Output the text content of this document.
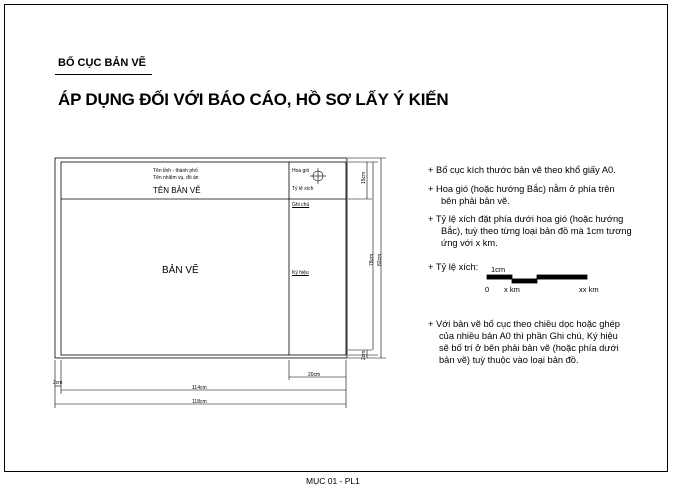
BỐ CỤC BẢN VẼ
ÁP DỤNG ĐỐI VỚI BÁO CÁO, HỒ SƠ LẤY Ý KIẾN
Tên tỉnh - thành phố
Tên nhiệm vụ, đồ án
TÊN BẢN VẼ
BẢN VẼ
Hoa gió
Tỷ lệ xích
Ghi chú
Ký hiệu
15cm
78cm 82cm
2cm
2cm
20cm
114cm
118cm
+ Bố cục kích thước bản vẽ theo khổ giấy A0.
+ Hoa gió (hoặc hướng Bắc) nằm ở phía trên
bên phải bản vẽ.
+ Tỷ lệ xích đặt phía dưới hoa gió (hoặc hướng
Bắc), tuỳ theo từng loại bản đồ mà 1cm tương
ứng với x km.
+ Tỷ lệ xích:
+ Với bản vẽ bố cục theo chiều dọc hoặc ghép
của nhiều bản A0 thì phần Ghi chú, Ký hiệu
sẽ bố trí ở bên phải bản vẽ (hoặc phía dưới
bản vẽ) tuỳ thuộc vào loại bản đồ.
1cm
0 x km	xx km
MỤC 01 - PL1
